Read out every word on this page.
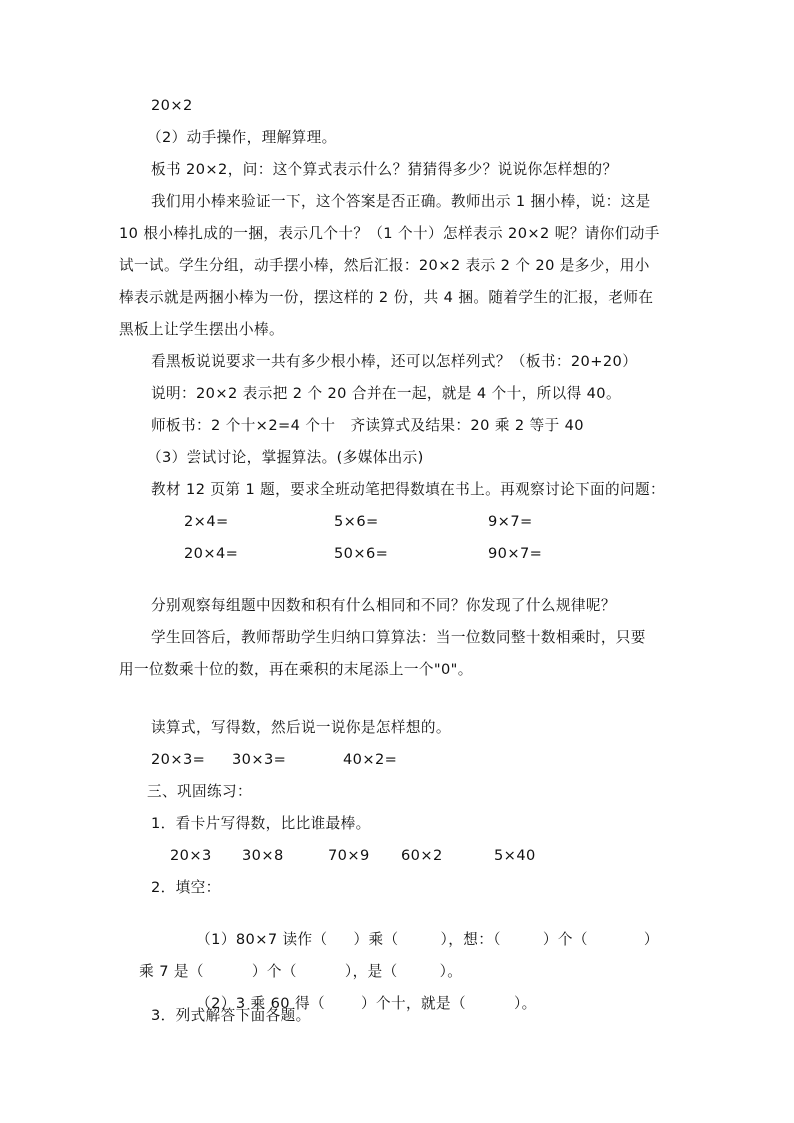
20×2
（2）动手操作，理解算理。
板书 20×2，问：这个算式表示什么？猜猜得多少？说说你怎样想的？
我们用小棒来验证一下，这个答案是否正确。教师出示 1 捆小棒，说：这是
10 根小棒扎成的一捆，表示几个十？（1 个十）怎样表示 20×2 呢？请你们动手
试一试。学生分组，动手摆小棒，然后汇报：20×2 表示 2 个 20 是多少，用小
棒表示就是两捆小棒为一份，摆这样的 2 份，共 4 捆。随着学生的汇报，老师在
黑板上让学生摆出小棒。
看黑板说说要求一共有多少根小棒，还可以怎样列式？（板书：20+20）
说明：20×2 表示把 2 个 20 合并在一起，就是 4 个十，所以得 40。
师板书：2 个十×2=4 个十   齐读算式及结果：20 乘 2 等于 40
（3）尝试讨论，掌握算法。(多媒体出示)
教材 12 页第 1 题，要求全班动笔把得数填在书上。再观察讨论下面的问题：
2×4=	5×6=	9×7=
20×4=	50×6=	90×7=
分别观察每组题中因数和积有什么相同和不同？你发现了什么规律呢？
学生回答后，教师帮助学生归纳口算算法：当一位数同整十数相乘时，只要
用一位数乘十位的数，再在乘积的末尾添上一个"0"。
读算式，写得数，然后说一说你是怎样想的。
20×3= 30×3=	40×2=
三、巩固练习：
1．看卡片写得数，比比谁最棒。
20×3 30×8	70×9 60×2	5×40
2．填空：

（1）80×7 读作（ ）乘（	），想：（	）个（	）

乘 7 是（	）个（	），是（	）。

（2）3 乘 60 得（ ）个十，就是（	）。

3．列式解答下面各题。
